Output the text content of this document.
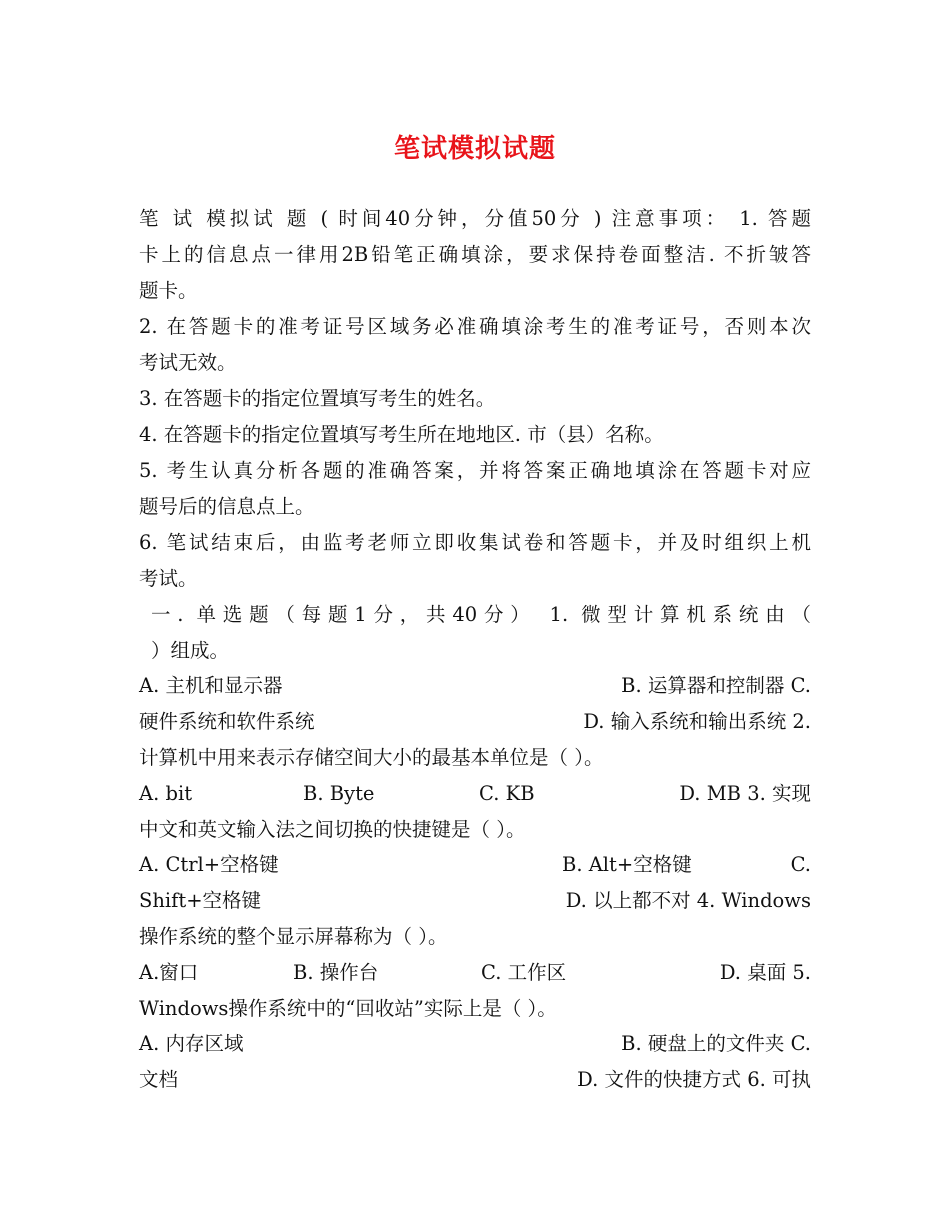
笔试模拟试题
笔 试 模拟试 题 ( 时间40分钟，分值50分 ) 注意事项： 1. 答题
卡上的信息点一律用2B铅笔正确填涂，要求保持卷面整洁. 不折皱答
题卡。
2. 在答题卡的准考证号区域务必准确填涂考生的准考证号，否则本次
考试无效。
3. 在答题卡的指定位置填写考生的姓名。
4. 在答题卡的指定位置填写考生所在地地区. 市（县）名称。
5. 考生认真分析各题的准确答案，并将答案正确地填涂在答题卡对应
题号后的信息点上。
6. 笔试结束后，由监考老师立即收集试卷和答题卡，并及时组织上机
考试。
一. 单选题（每题1分，共40分） 1. 微型计算机系统由（
）组成。
A. 主机和显示器	B. 运算器和控制器 C.
硬件系统和软件系统	D. 输入系统和输出系统 2.
计算机中用来表示存储空间大小的最基本单位是（ ）。
A. bit	B. Byte	C. KB	D. MB 3. 实现
中文和英文输入法之间切换的快捷键是（ ）。
A. Ctrl+空格键	B. Alt+空格键	C.
Shift+空格键	D. 以上都不对 4. Windows
操作系统的整个显示屏幕称为（ ）。
A.窗口	B. 操作台	C. 工作区	D. 桌面 5.
Windows操作系统中的“回收站”实际上是（ ）。
A. 内存区域	B. 硬盘上的文件夹 C.
文档	D. 文件的快捷方式 6. 可执
